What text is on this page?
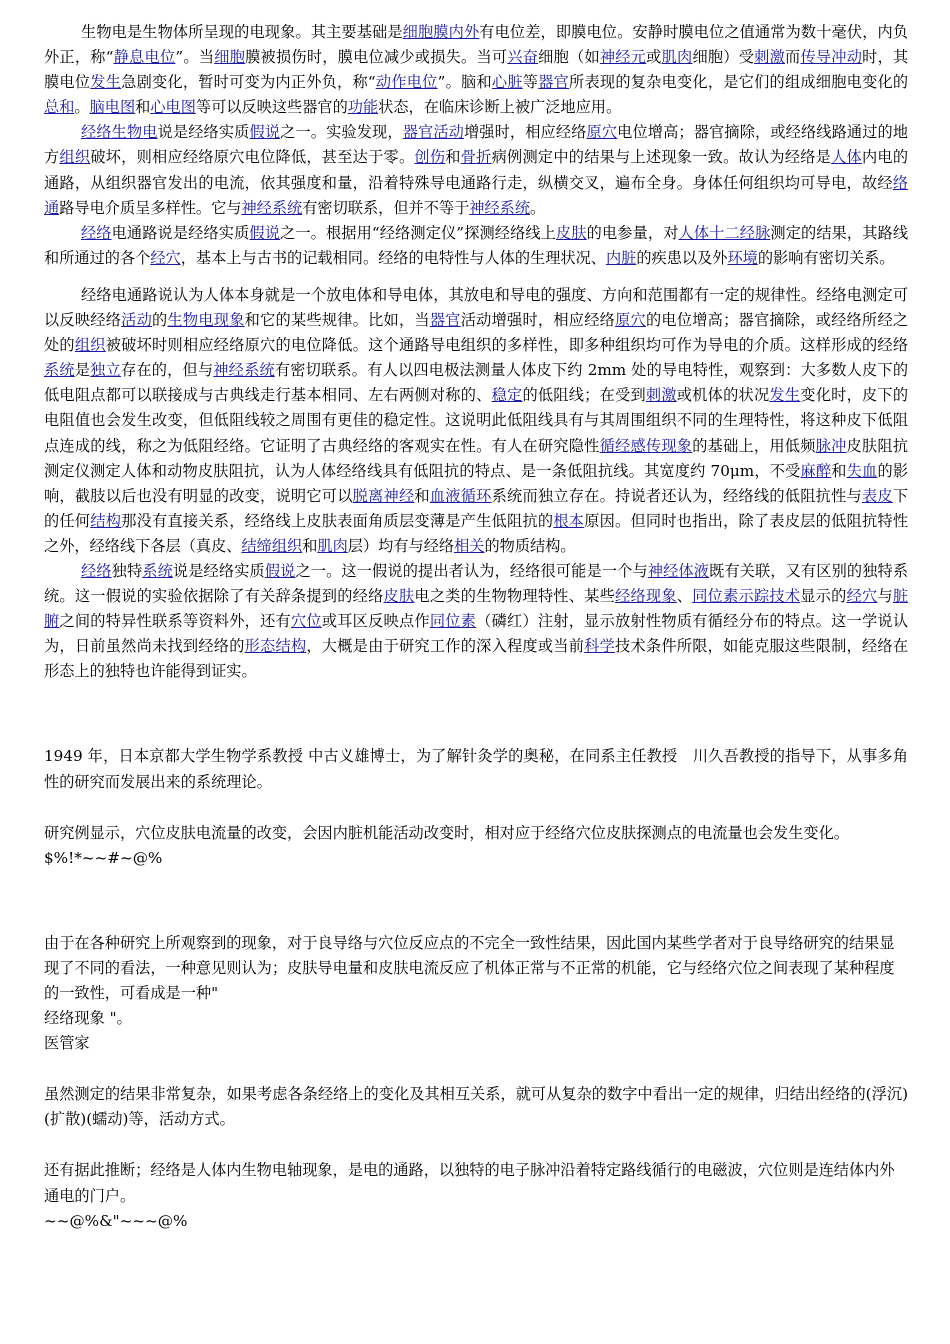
生物电是生物体所呈现的电现象。其主要基础是细胞膜内外有电位差，即膜电位。安静时膜电位之值通常为数十毫伏，内负外正，称“静息电位”。当细胞膜被损伤时，膜电位减少或损失。当可兴奋细胞（如神经元或肌肉细胞）受刺激而传导冲动时，其膜电位发生急剧变化，暂时可变为内正外负，称“动作电位”。脑和心脏等器官所表现的复杂电变化，是它们的组成细胞电变化的总和。脑电图和心电图等可以反映这些器官的功能状态，在临床诊断上被广泛地应用。

经络生物电说是经络实质假说之一。实验发现，器官活动增强时，相应经络原穴电位增高；器官摘除，或经络线路通过的地方组织破坏，则相应经络原穴电位降低，甚至达于零。创伤和骨折病例测定中的结果与上述现象一致。故认为经络是人体内电的通路，从组织器官发出的电流，依其强度和量，沿着特殊导电通路行走，纵横交叉，遍布全身。身体任何组织均可导电，故经络通路导电介质呈多样性。它与神经系统有密切联系，但并不等于神经系统。

经络电通路说是经络实质假说之一。根据用“经络测定仪”探测经络线上皮肤的电参量，对人体十二经脉测定的结果，其路线和所通过的各个经穴，基本上与古书的记载相同。经络的电特性与人体的生理状况、内脏的疾患以及外环境的影响有密切关系。

经络电通路说认为人体本身就是一个放电体和导电体，其放电和导电的强度、方向和范围都有一定的规律性。经络电测定可以反映经络活动的生物电现象和它的某些规律。比如，当器官活动增强时，相应经络原穴的电位增高；器官摘除，或经络所经之处的组织被破坏时则相应经络原穴的电位降低。这个通路导电组织的多样性，即多种组织均可作为导电的介质。这样形成的经络系统是独立存在的，但与神经系统有密切联系。有人以四电极法测量人体皮下约 2mm 处的导电特性，观察到：大多数人皮下的低电阻点都可以联接成与古典线走行基本相同、左右两侧对称的、稳定的低阻线；在受到刺激或机体的状况发生变化时，皮下的电阻值也会发生改变，但低阻线较之周围有更佳的稳定性。这说明此低阻线具有与其周围组织不同的生理特性，将这种皮下低阻点连成的线，称之为低阻经络。它证明了古典经络的客观实在性。有人在研究隐性循经感传现象的基础上，用低频脉冲皮肤阻抗测定仪测定人体和动物皮肤阻抗，认为人体经络线具有低阻抗的特点、是一条低阻抗线。其宽度约 70μm，不受麻醉和失血的影响，截肢以后也没有明显的改变，说明它可以脱离神经和血液循环系统而独立存在。持说者还认为，经络线的低阻抗性与表皮下的任何结构那没有直接关系，经络线上皮肤表面角质层变薄是产生低阻抗的根本原因。但同时也指出，除了表皮层的低阻抗特性之外，经络线下各层（真皮、结缔组织和肌肉层）均有与经络相关的物质结构。

经络独特系统说是经络实质假说之一。这一假说的提出者认为，经络很可能是一个与神经体液既有关联，又有区别的独特系统。这一假说的实验依据除了有关辞条提到的经络皮肤电之类的生物物理特性、某些经络现象、同位素示踪技术显示的经穴与脏腑之间的特异性联系等资料外，还有穴位或耳区反映点作同位素（磷红）注射，显示放射性物质有循经分布的特点。这一学说认为，日前虽然尚未找到经络的形态结构，大概是由于研究工作的深入程度或当前科学技术条件所限，如能克服这些限制，经络在形态上的独特也许能得到证实。

1949 年，日本京都大学生物学系教授 中古义雄博士，为了解针灸学的奥秘，在同系主任教授　川久吾教授的指导下，从事多角性的研究而发展出来的系统理论。

研究例显示，穴位皮肤电流量的改变，会因内脏机能活动改变时，相对应于经络穴位皮肤探测点的电流量也会发生变化。
$%!*~~#~@%

由于在各种研究上所观察到的现象，对于良导络与穴位反应点的不完全一致性结果，因此国内某些学者对于良导络研究的结果显现了不同的看法，一种意见则认为；皮肤导电量和皮肤电流反应了机体正常与不正常的机能，它与经络穴位之间表现了某种程度的一致性，可看成是一种"
经络现象 "。
医管家

虽然测定的结果非常复杂，如果考虑各条经络上的变化及其相互关系，就可从复杂的数字中看出一定的规律，归结出经络的(浮沉)(扩散)(蠕动)等，活动方式。

还有据此推断；经络是人体内生物电轴现象，是电的通路，以独特的电子脉冲沿着特定路线循行的电磁波，穴位则是连结体内外通电的门户。
~~@%&"~~~@%
